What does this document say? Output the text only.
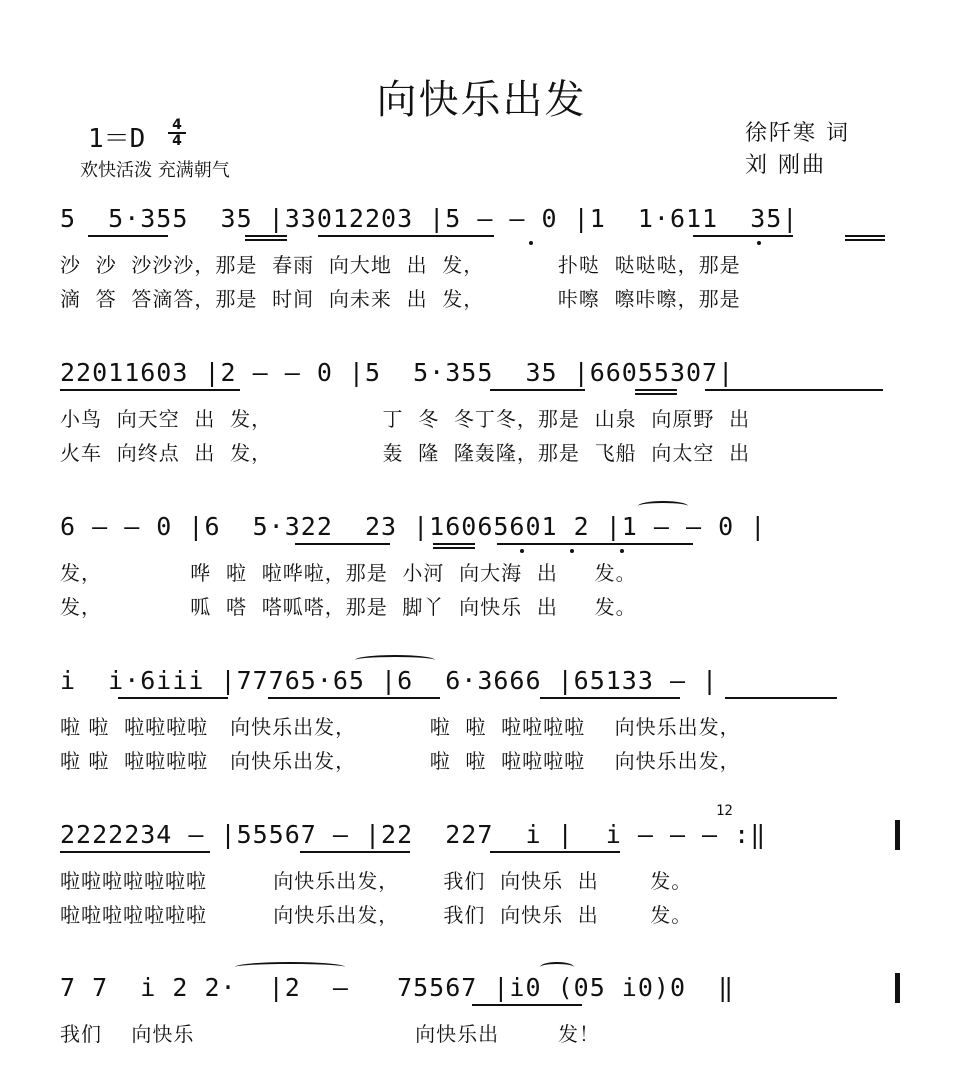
向快乐出发
1＝D 4
4
欢快活泼 充满朝气
徐阡寒 词
刘 刚曲
5  5·355  35 |33012203 |5 — — 0 |1  1·611  35|
沙  沙  沙沙沙，那是  春雨  向大地  出  发，          扑哒  哒哒哒，那是
滴  答  答滴答，那是  时间  向未来  出  发，          咔嚓  嚓咔嚓，那是
22011603 |2 — — 0 |5  5·355  35 |66055307|
小鸟  向天空  出  发，               丁  冬  冬丁冬，那是  山泉  向原野  出
火车  向终点  出  发，               轰  隆  隆轰隆，那是  飞船  向太空  出
6 — — 0 |6  5·322  23 |16065601 2 |1 — — 0 |
发，            哗  啦  啦哗啦，那是  小河  向大海  出     发。
发，            呱  嗒  嗒呱嗒，那是  脚丫  向快乐  出     发。
i  i·6iii |77765·65 |6  6·3666 |65133 — |
啦 啦  啦啦啦啦   向快乐出发，          啦  啦  啦啦啦啦    向快乐出发，
啦 啦  啦啦啦啦   向快乐出发，          啦  啦  啦啦啦啦    向快乐出发，
2222234 — |55567 — |22  227  i |  i — — — :‖
12
啦啦啦啦啦啦啦         向快乐出发，      我们  向快乐  出       发。
啦啦啦啦啦啦啦         向快乐出发，      我们  向快乐  出       发。
7 7  i 2 2·  |2  —   75567 |i0 (05 i0)0  ‖
我们    向快乐                              向快乐出        发！
